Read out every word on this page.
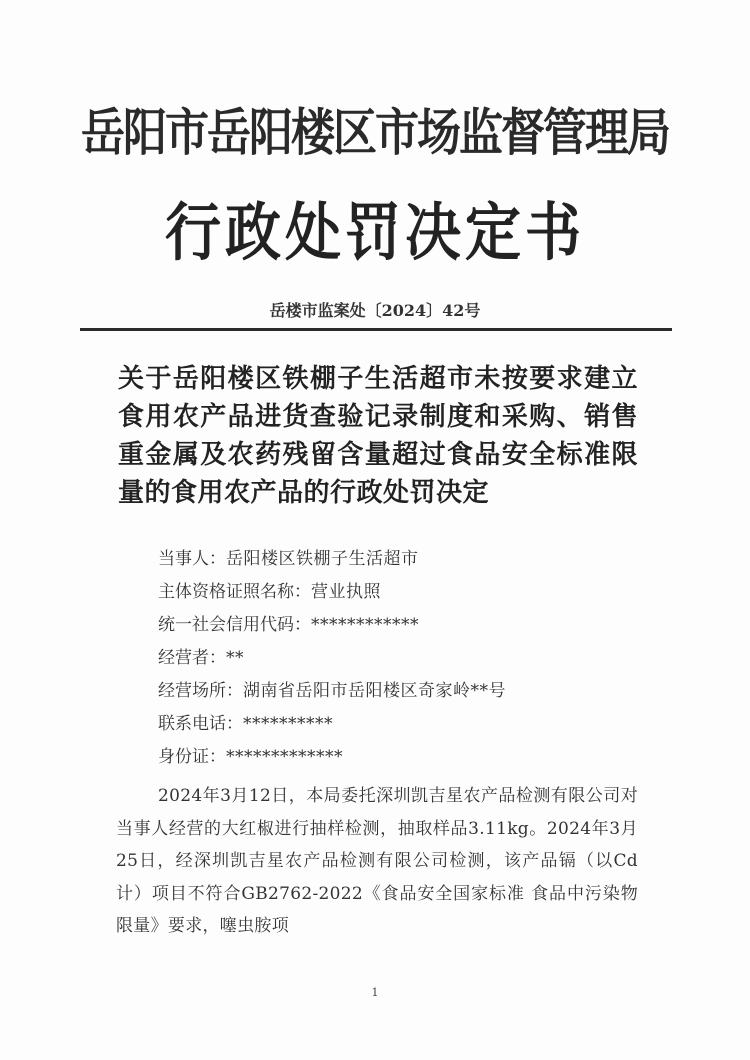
岳阳市岳阳楼区市场监督管理局
行政处罚决定书
岳楼市监案处〔2024〕42号
关于岳阳楼区铁棚子生活超市未按要求建立食用农产品进货查验记录制度和采购、销售重金属及农药残留含量超过食品安全标准限量的食用农产品的行政处罚决定
当事人：岳阳楼区铁棚子生活超市
主体资格证照名称：营业执照
统一社会信用代码：************
经营者：**
经营场所：湖南省岳阳市岳阳楼区奇家岭**号
联系电话：**********
身份证：*************
2024年3月12日，本局委托深圳凯吉星农产品检测有限公司对当事人经营的大红椒进行抽样检测，抽取样品3.11kg。2024年3月25日，经深圳凯吉星农产品检测有限公司检测，该产品镉（以Cd计）项目不符合GB2762-2022《食品安全国家标准 食品中污染物限量》要求，噻虫胺项
1
